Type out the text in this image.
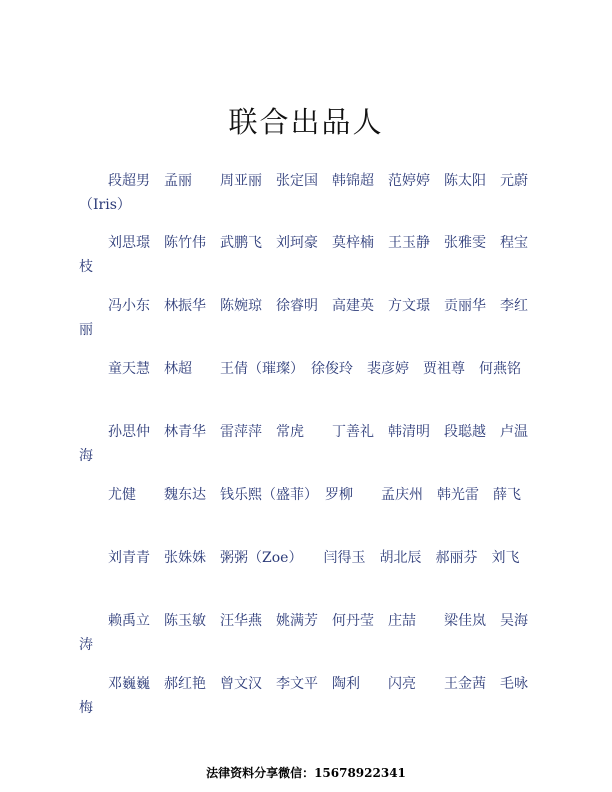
联合出品人

段超男　孟丽　　周亚丽　张定国　韩锦超　范婷婷　陈太阳　元蔚（Iris）

刘思璟　陈竹伟　武鹏飞　刘珂豪　莫梓楠　王玉静　张雅雯　程宝枝

冯小东　林振华　陈婉琼　徐睿明　高建英　方文璟　贡丽华　李红丽

童天慧　林超　　王倩（璀璨）　徐俊玲　裴彦婷　贾祖尊　何燕铭

孙思仲　林青华　雷萍萍　常虎　　丁善礼　韩清明　段聪越　卢温海

尤健　　魏东达　钱乐熙（盛菲）　罗柳　　孟庆州　韩光雷　薛飞

刘青青　张姝姝　粥粥（Zoe）　　闫得玉　胡北辰　郝丽芬　刘飞

赖禹立　陈玉敏　汪华燕　姚满芳　何丹莹　庄喆　　梁佳岚　吴海涛

邓巍巍　郝红艳　曾文汉　李文平　陶利　　闪亮　　王金茜　毛咏梅

法律资料分享微信：15678922341
